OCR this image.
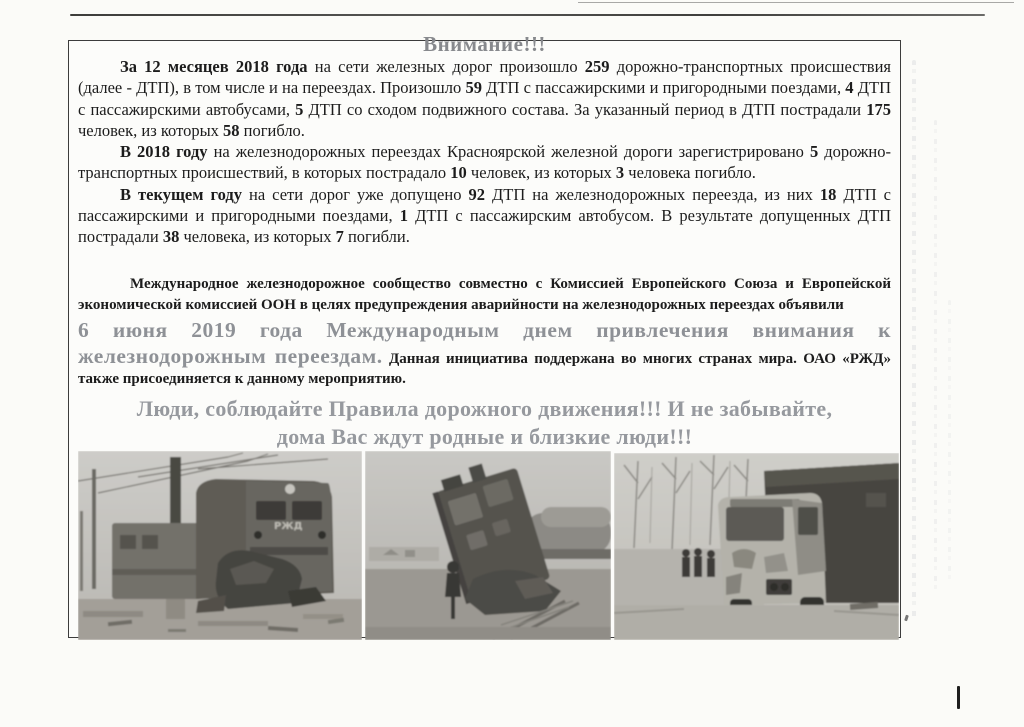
Внимание!!!

За 12 месяцев 2018 года на сети железных дорог произошло 259 дорожно-транспортных происшествия (далее - ДТП), в том числе и на переездах. Произошло 59 ДТП с пассажирскими и пригородными поездами, 4 ДТП с пассажирскими автобусами, 5 ДТП со сходом подвижного состава. За указанный период в ДТП пострадали 175 человек, из которых 58 погибло.

В 2018 году на железнодорожных переездах Красноярской железной дороги зарегистрировано 5 дорожно-транспортных происшествий, в которых пострадало 10 человек, из которых 3 человека погибло.

В текущем году на сети дорог уже допущено 92 ДТП на железнодорожных переезда, из них 18 ДТП с пассажирскими и пригородными поездами, 1 ДТП с пассажирским автобусом. В результате допущенных ДТП пострадали 38 человека, из которых 7 погибли.

Международное железнодорожное сообщество совместно с Комиссией Европейского Союза и Европейской экономической комиссией ООН в целях предупреждения аварийности на железнодорожных переездах объявили

6 июня 2019 года Международным днем привлечения внимания к железнодорожным переездам. Данная инициатива поддержана во многих странах мира. ОАО «РЖД» также присоединяется к данному мероприятию.

Люди, соблюдайте Правила дорожного движения!!! И не забывайте,
дома Вас ждут родные и близкие люди!!!
РЖД
